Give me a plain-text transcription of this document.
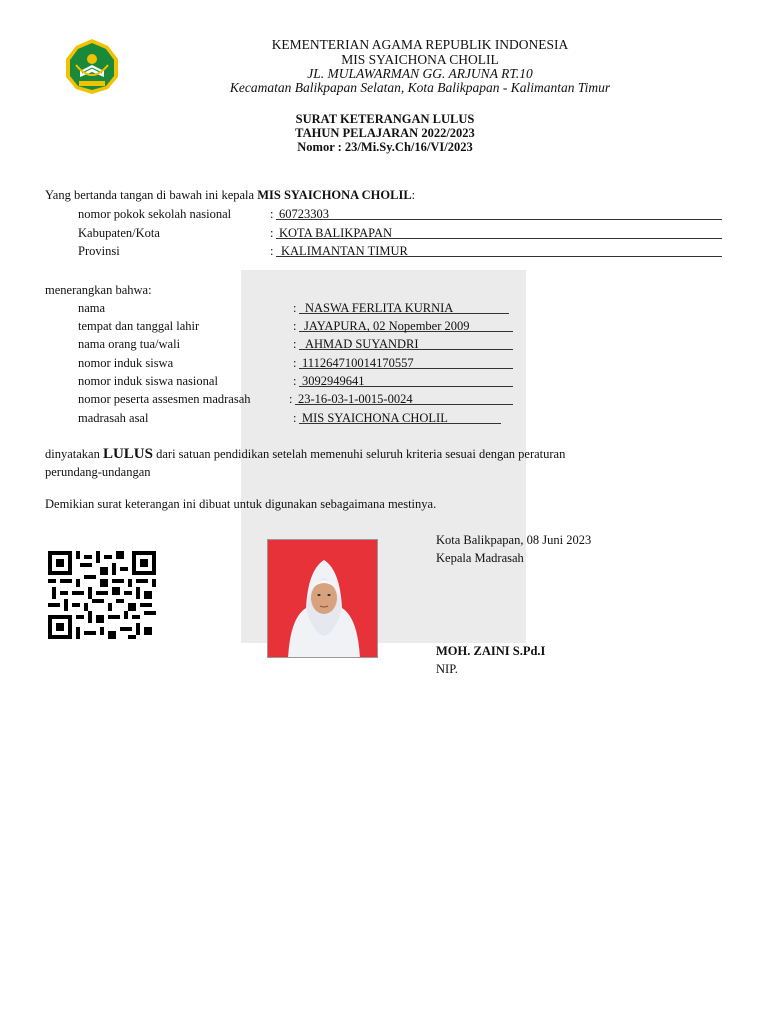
KEMENTERIAN AGAMA REPUBLIK INDONESIA
MIS SYAICHONA CHOLIL
JL. MULAWARMAN GG. ARJUNA RT.10
Kecamatan Balikpapan Selatan, Kota Balikpapan - Kalimantan Timur
SURAT KETERANGAN LULUS
TAHUN PELAJARAN 2022/2023
Nomor : 23/Mi.Sy.Ch/16/VI/2023
Yang bertanda tangan di bawah ini kepala MIS SYAICHONA CHOLIL:
nomor pokok sekolah nasional	: 60723303
Kabupaten/Kota	: KOTA BALIKPAPAN
Provinsi	: KALIMANTAN TIMUR
menerangkan bahwa:
nama	: NASWA FERLITA KURNIA
tempat dan tanggal lahir	: JAYAPURA, 02 Nopember 2009
nama orang tua/wali	: AHMAD SUYANDRI
nomor induk siswa	: 111264710014170557
nomor induk siswa nasional	: 3092949641
nomor peserta assesmen madrasah	: 23-16-03-1-0015-0024
madrasah asal	: MIS SYAICHONA CHOLIL
dinyatakan LULUS dari satuan pendidikan setelah memenuhi seluruh kriteria sesuai dengan peraturan
perundang-undangan
Demikian surat keterangan ini dibuat untuk digunakan sebagaimana mestinya.
Kota Balikpapan, 08 Juni 2023
Kepala Madrasah
MOH. ZAINI S.Pd.I
NIP.
